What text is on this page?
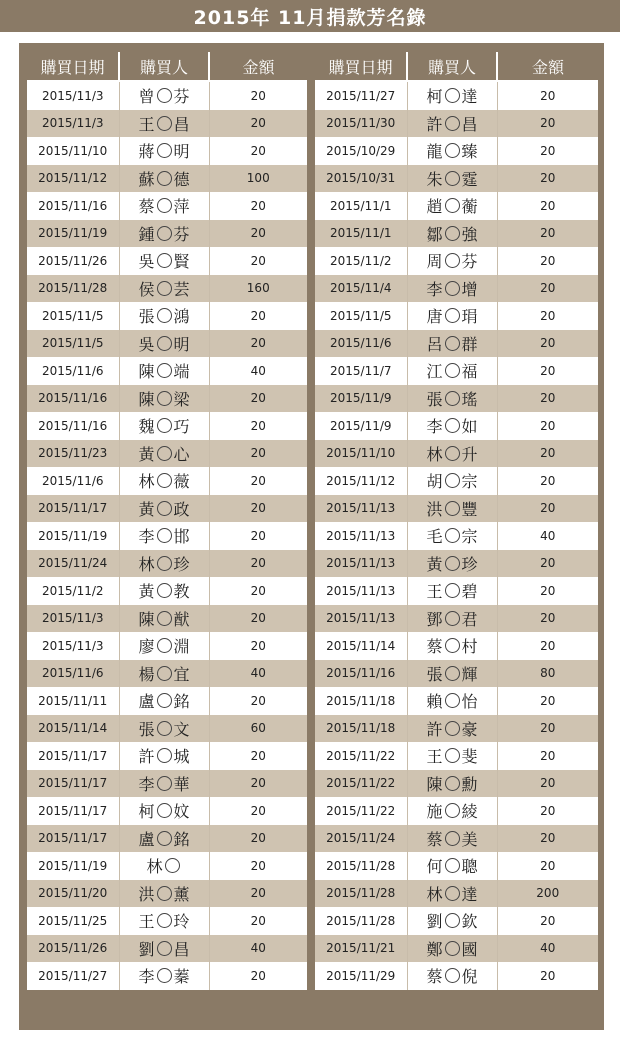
2015年 11月捐款芳名錄
購買日期	購買人	金額
2015/11/3	曾 芬	20
2015/11/3	王 昌	20
2015/11/10	蔣 明	20
2015/11/12	蘇 德	100
2015/11/16	蔡 萍	20
2015/11/19	鍾 芬	20
2015/11/26	吳 賢	20
2015/11/28	侯 芸	160
2015/11/5	張 鴻	20
2015/11/5	吳 明	20
2015/11/6	陳 端	40
2015/11/16	陳 梁	20
2015/11/16	魏 巧	20
2015/11/23	黃 心	20
2015/11/6	林 薇	20
2015/11/17	黃 政	20
2015/11/19	李 邯	20
2015/11/24	林 珍	20
2015/11/2	黃 教	20
2015/11/3	陳 猷	20
2015/11/3	廖 淵	20
2015/11/6	楊 宜	40
2015/11/11	盧 銘	20
2015/11/14	張 文	60
2015/11/17	許 城	20
2015/11/17	李 華	20
2015/11/17	柯 妏	20
2015/11/17	盧 銘	20
2015/11/19	林	20
2015/11/20	洪 薰	20
2015/11/25	王 玲	20
2015/11/26	劉 昌	40
2015/11/27	李 蓁	20
購買日期	購買人	金額
2015/11/27	柯 達	20
2015/11/30	許 昌	20
2015/10/29	龍 臻	20
2015/10/31	朱 霆	20
2015/11/1	趙 蘅	20
2015/11/1	鄒 強	20
2015/11/2	周 芬	20
2015/11/4	李 增	20
2015/11/5	唐 琄	20
2015/11/6	呂 群	20
2015/11/7	江 福	20
2015/11/9	張 瑤	20
2015/11/9	李 如	20
2015/11/10	林 升	20
2015/11/12	胡 宗	20
2015/11/13	洪 豐	20
2015/11/13	毛 宗	40
2015/11/13	黃 珍	20
2015/11/13	王 碧	20
2015/11/13	鄧 君	20
2015/11/14	蔡 村	20
2015/11/16	張 輝	80
2015/11/18	賴 怡	20
2015/11/18	許 豪	20
2015/11/22	王 斐	20
2015/11/22	陳 勳	20
2015/11/22	施 綾	20
2015/11/24	蔡 美	20
2015/11/28	何 聰	20
2015/11/28	林 達	200
2015/11/28	劉 欽	20
2015/11/21	鄭 國	40
2015/11/29	蔡 倪	20
